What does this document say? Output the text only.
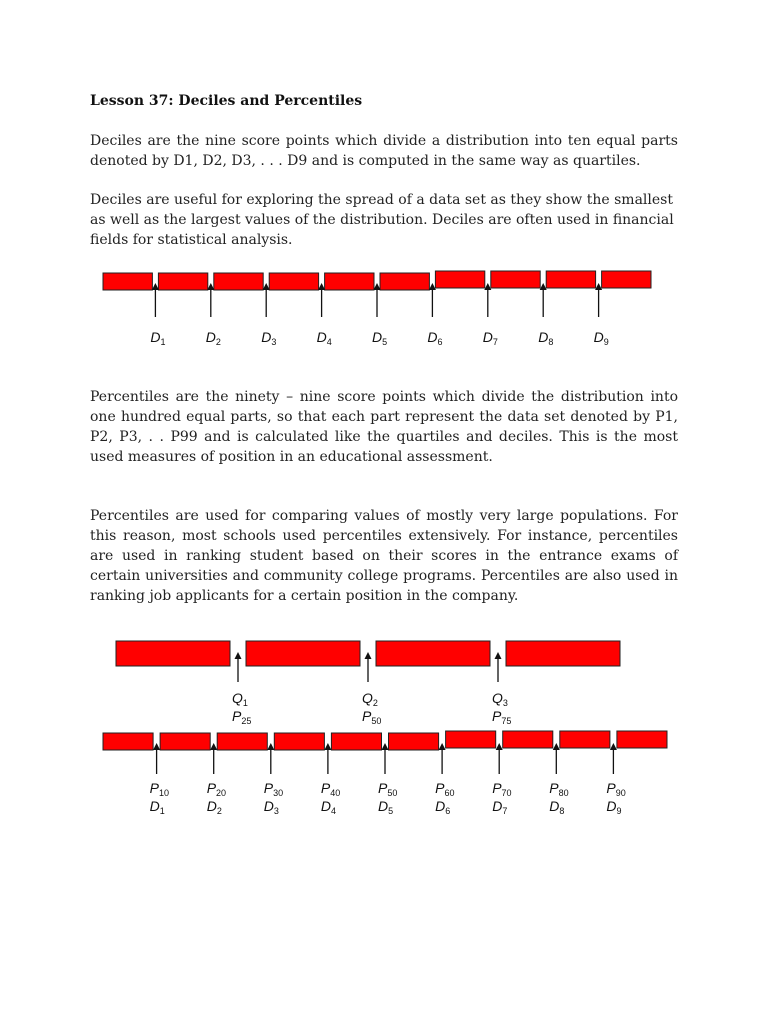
Lesson 37: Deciles and Percentiles

Deciles are the nine score points which divide a distribution into ten equal parts denoted by D1, D2, D3, . . . D9 and is computed in the same way as quartiles.

Deciles are useful for exploring the spread of a data set as they show the smallest as well as the largest values of the distribution. Deciles are often used in financial fields for statistical analysis.

$D_1$	$D_2$	$D_3$	$D_4$	$D_5$	$D_6$	$D_7$	$D_8$	$D_9$
$Q_1$
$P_{25}$
$Q_2$
$P_{50}$
$Q_3$
$P_{75}$
$P_{10}$
$D_1$
$P_{20}$
$D_2$
$P_{30}$
$D_3$
$P_{40}$
$D_4$
$P_{50}$
$D_5$
$P_{60}$
$D_6$
$P_{70}$
$D_7$
$P_{80}$
$D_8$
$P_{90}$
$D_9$

Percentiles are the ninety – nine score points which divide the distribution into one hundred equal parts, so that each part represent the data set denoted by P1, P2, P3, . . P99 and is calculated like the quartiles and deciles. This is the most used measures of position in an educational assessment.

Percentiles are used for comparing values of mostly very large populations. For this reason, most schools used percentiles extensively. For instance, percentiles are used in ranking student based on their scores in the entrance exams of certain universities and community college programs. Percentiles are also used in ranking job applicants for a certain position in the company.
